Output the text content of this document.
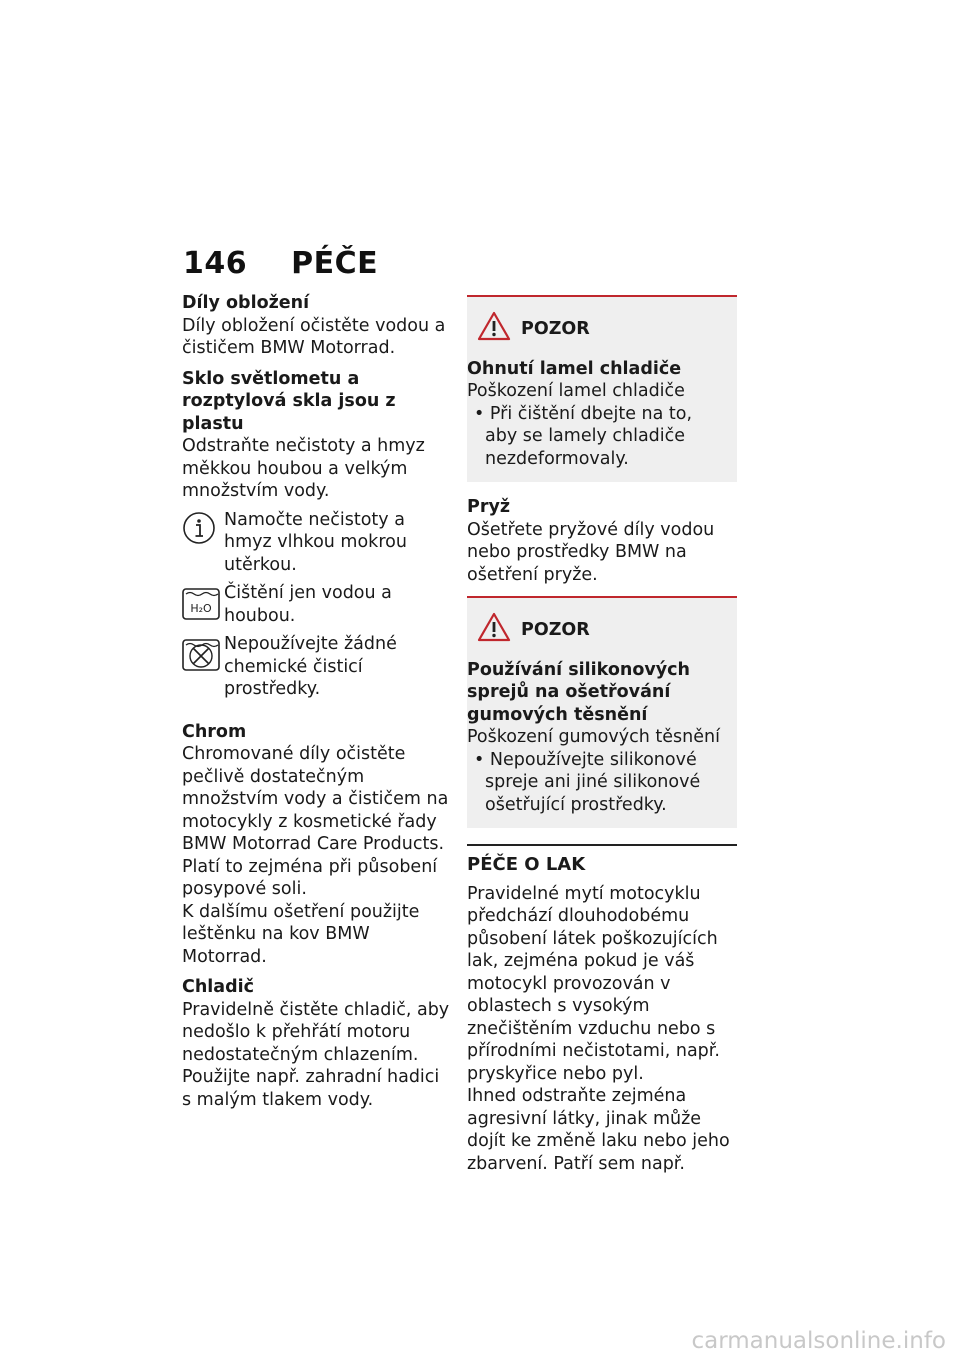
146 PÉČE

Díly obložení

Díly obložení očistěte vodou a čističem BMW Motorrad.

Sklo světlometu a rozptylová skla jsou z plastu

Odstraňte nečistoty a hmyz měkkou houbou a velkým množstvím vody.

Namočte nečistoty a hmyz vlhkou mokrou utěrkou.

H₂O

Čištění jen vodou a houbou.

Nepoužívejte žádné chemické čisticí prostředky.

Chrom

Chromované díly očistěte pečlivě dostatečným množstvím vody a čističem na motocykly z kosmetické řady BMW Motorrad Care Products. Platí to zejména při působení posypové soli.

K dalšímu ošetření použijte leštěnku na kov BMW Motorrad.

Chladič

Pravidelně čistěte chladič, aby nedošlo k přehřátí motoru nedostatečným chlazením.

Použijte např. zahradní hadici s malým tlakem vody.

POZOR

Ohnutí lamel chladiče

Poškození lamel chladiče

• Při čištění dbejte na to, aby se lamely chladiče nezdeformovaly.

Pryž

Ošetřete pryžové díly vodou nebo prostředky BMW na ošetření pryže.

POZOR

Používání silikonových sprejů na ošetřování gumových těsnění

Poškození gumových těsnění

• Nepoužívejte silikonové spreje ani jiné silikonové ošetřující prostředky.

PÉČE O LAK

Pravidelné mytí motocyklu předchází dlouhodobému působení látek poškozujících lak, zejména pokud je váš motocykl provozován v oblastech s vysokým znečištěním vzduchu nebo s přírodními nečistotami, např. pryskyřice nebo pyl.

Ihned odstraňte zejména agresivní látky, jinak může dojít ke změně laku nebo jeho zbarvení. Patří sem např.

carmanualsonline.info
